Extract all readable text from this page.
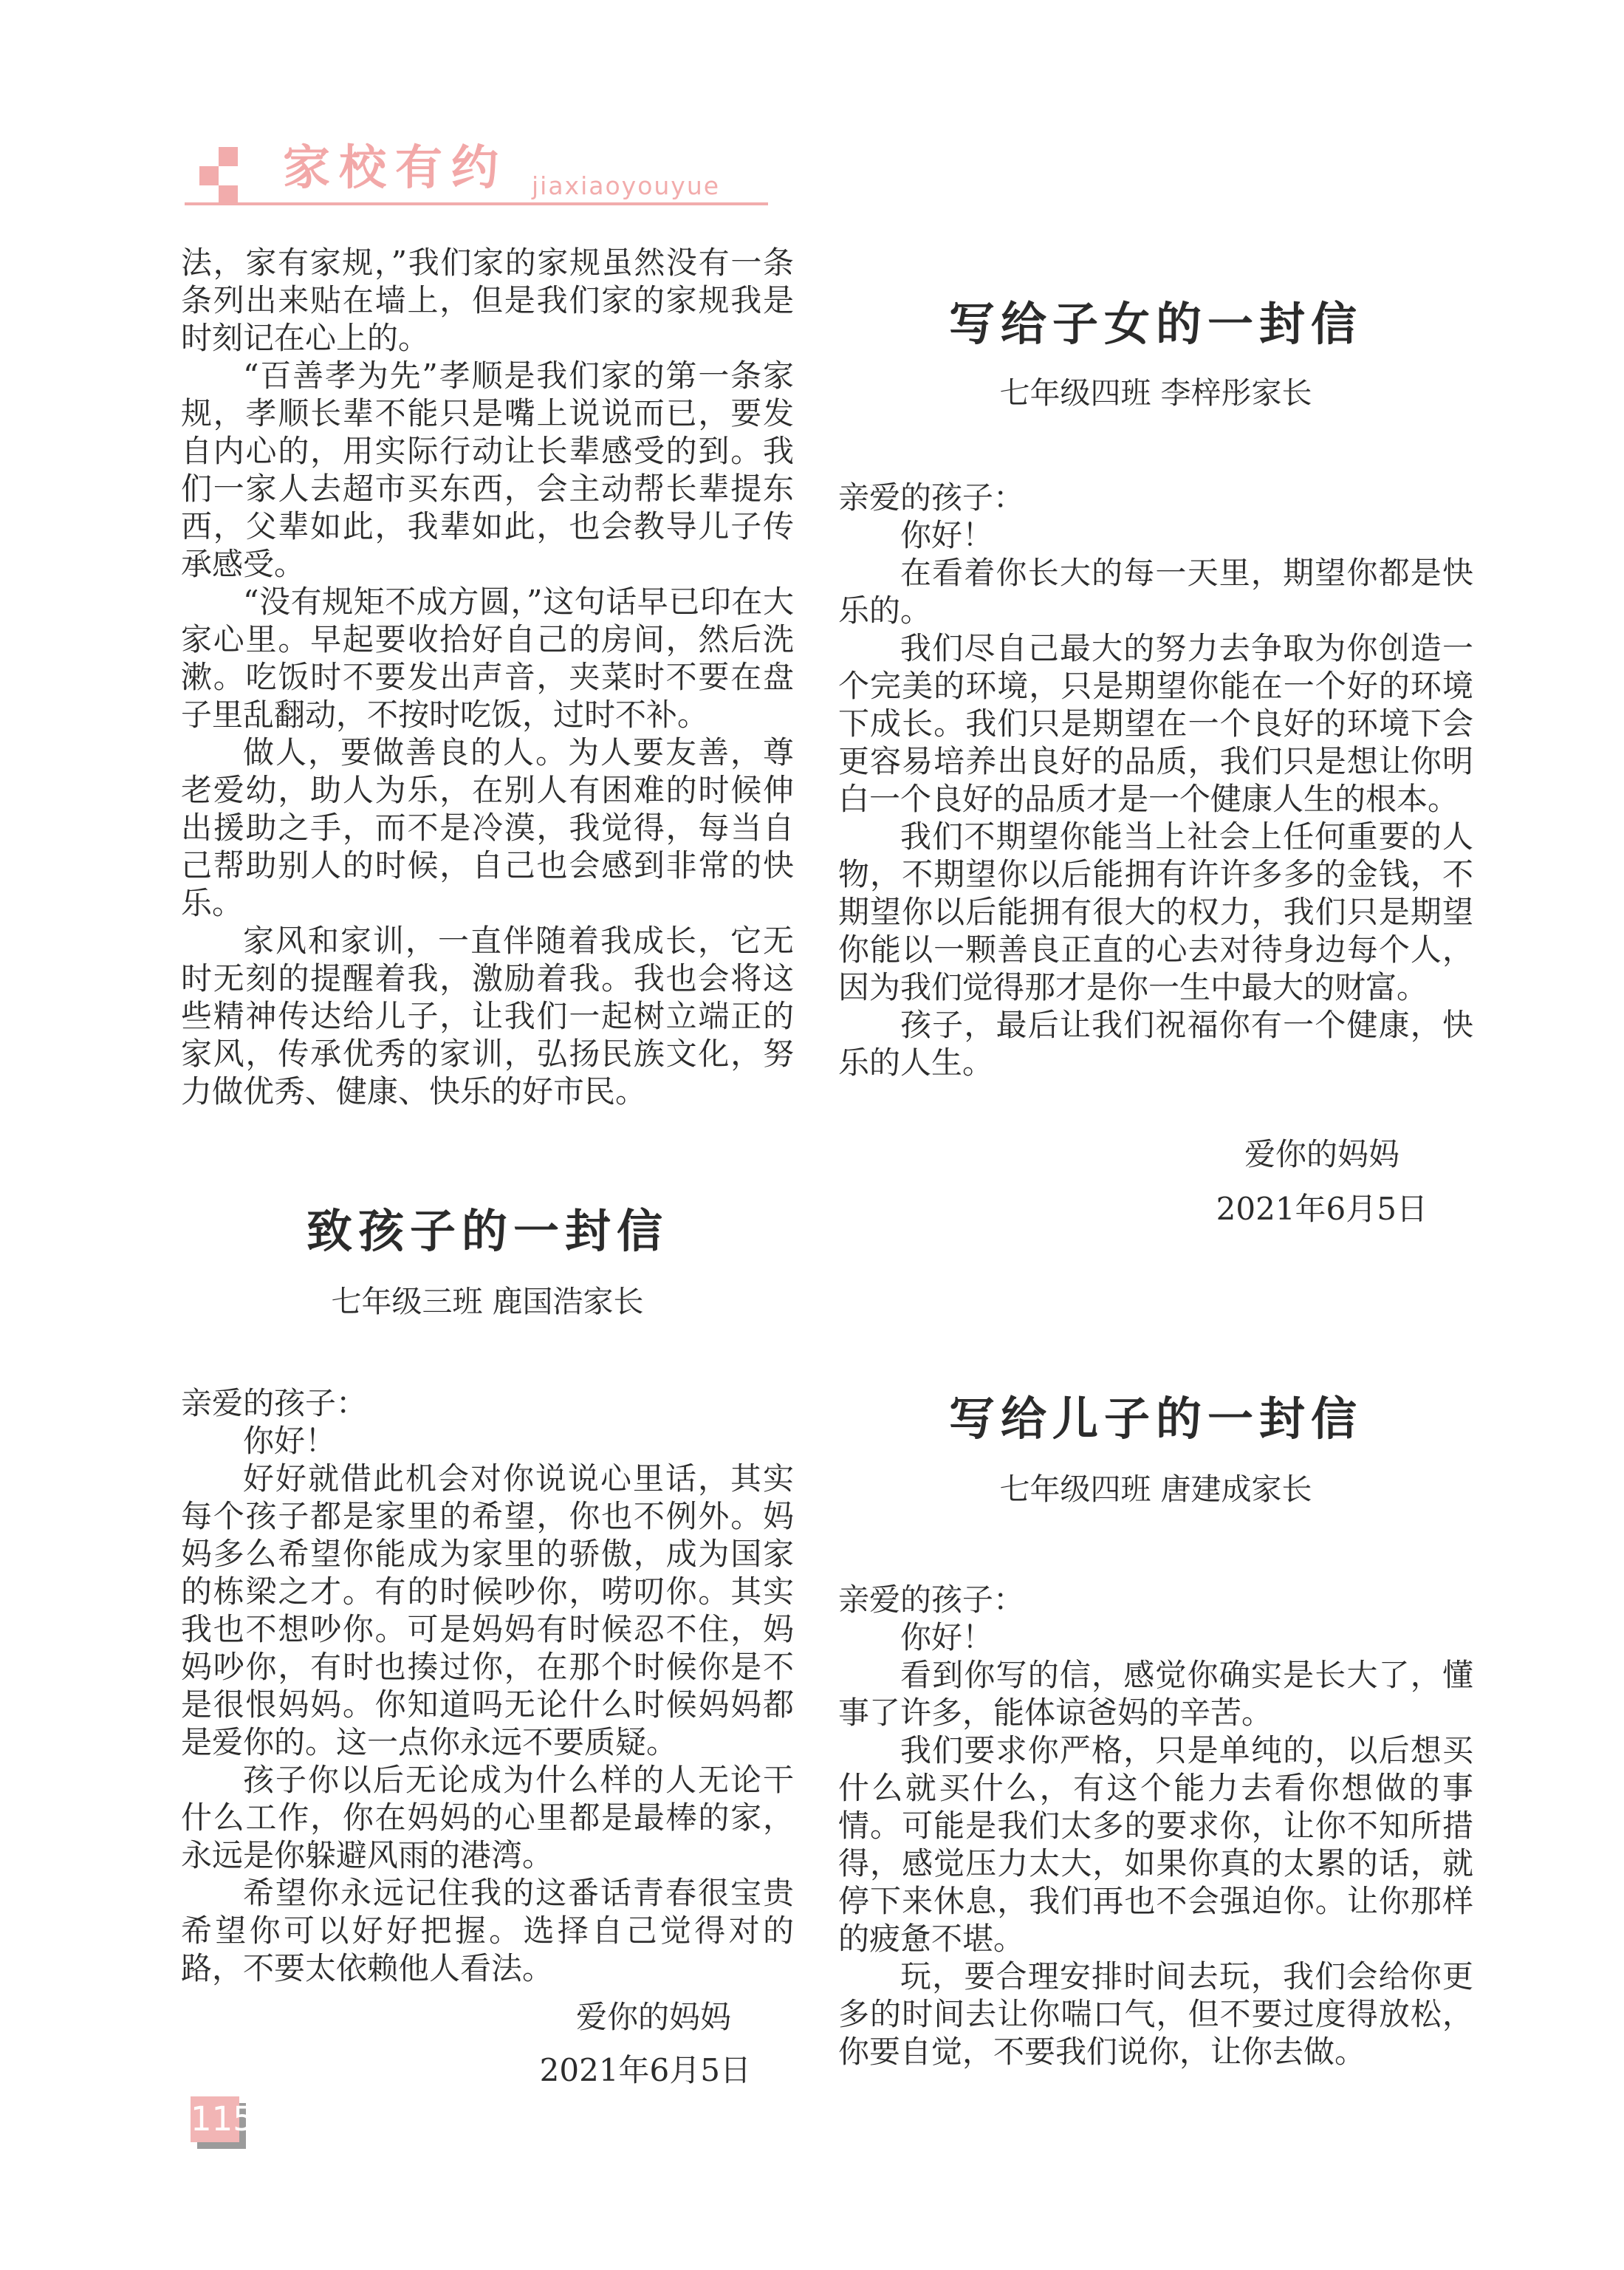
家校有约 jiaxiaoyouyue

法，家有家规，”我们家的家规虽然没有一条条列出来贴在墙上，但是我们家的家规我是时刻记在心上的。

“百善孝为先”孝顺是我们家的第一条家规，孝顺长辈不能只是嘴上说说而已，要发自内心的，用实际行动让长辈感受的到。我们一家人去超市买东西，会主动帮长辈提东西，父辈如此，我辈如此，也会教导儿子传承感受。

“没有规矩不成方圆，”这句话早已印在大家心里。早起要收拾好自己的房间，然后洗漱。吃饭时不要发出声音，夹菜时不要在盘子里乱翻动，不按时吃饭，过时不补。

做人，要做善良的人。为人要友善，尊老爱幼，助人为乐，在别人有困难的时候伸出援助之手，而不是冷漠，我觉得，每当自己帮助别人的时候，自己也会感到非常的快乐。

家风和家训，一直伴随着我成长，它无时无刻的提醒着我，激励着我。我也会将这些精神传达给儿子，让我们一起树立端正的家风，传承优秀的家训，弘扬民族文化，努力做优秀、健康、快乐的好市民。

致孩子的一封信
七年级三班 鹿国浩家长

亲爱的孩子：

你好！

好好就借此机会对你说说心里话，其实每个孩子都是家里的希望，你也不例外。妈妈多么希望你能成为家里的骄傲，成为国家的栋梁之才。有的时候吵你，唠叨你。其实我也不想吵你。可是妈妈有时候忍不住，妈妈吵你，有时也揍过你，在那个时候你是不是很恨妈妈。你知道吗无论什么时候妈妈都是爱你的。这一点你永远不要质疑。

孩子你以后无论成为什么样的人无论干什么工作，你在妈妈的心里都是最棒的家，永远是你躲避风雨的港湾。

希望你永远记住我的这番话青春很宝贵希望你可以好好把握。选择自己觉得对的路，不要太依赖他人看法。

爱你的妈妈
2021年6月5日
写给子女的一封信
七年级四班 李梓彤家长

亲爱的孩子：

你好！

在看着你长大的每一天里，期望你都是快乐的。

我们尽自己最大的努力去争取为你创造一个完美的环境，只是期望你能在一个好的环境下成长。我们只是期望在一个良好的环境下会更容易培养出良好的品质，我们只是想让你明白一个良好的品质才是一个健康人生的根本。

我们不期望你能当上社会上任何重要的人物，不期望你以后能拥有许许多多的金钱，不期望你以后能拥有很大的权力，我们只是期望你能以一颗善良正直的心去对待身边每个人，因为我们觉得那才是你一生中最大的财富。

孩子，最后让我们祝福你有一个健康，快乐的人生。

爱你的妈妈
2021年6月5日
写给儿子的一封信
七年级四班 唐建成家长

亲爱的孩子：

你好！

看到你写的信，感觉你确实是长大了，懂事了许多，能体谅爸妈的辛苦。

我们要求你严格，只是单纯的，以后想买什么就买什么，有这个能力去看你想做的事情。可能是我们太多的要求你，让你不知所措得，感觉压力太大，如果你真的太累的话，就停下来休息，我们再也不会强迫你。让你那样的疲惫不堪。

玩，要合理安排时间去玩，我们会给你更多的时间去让你喘口气，但不要过度得放松，你要自觉，不要我们说你，让你去做。

115
